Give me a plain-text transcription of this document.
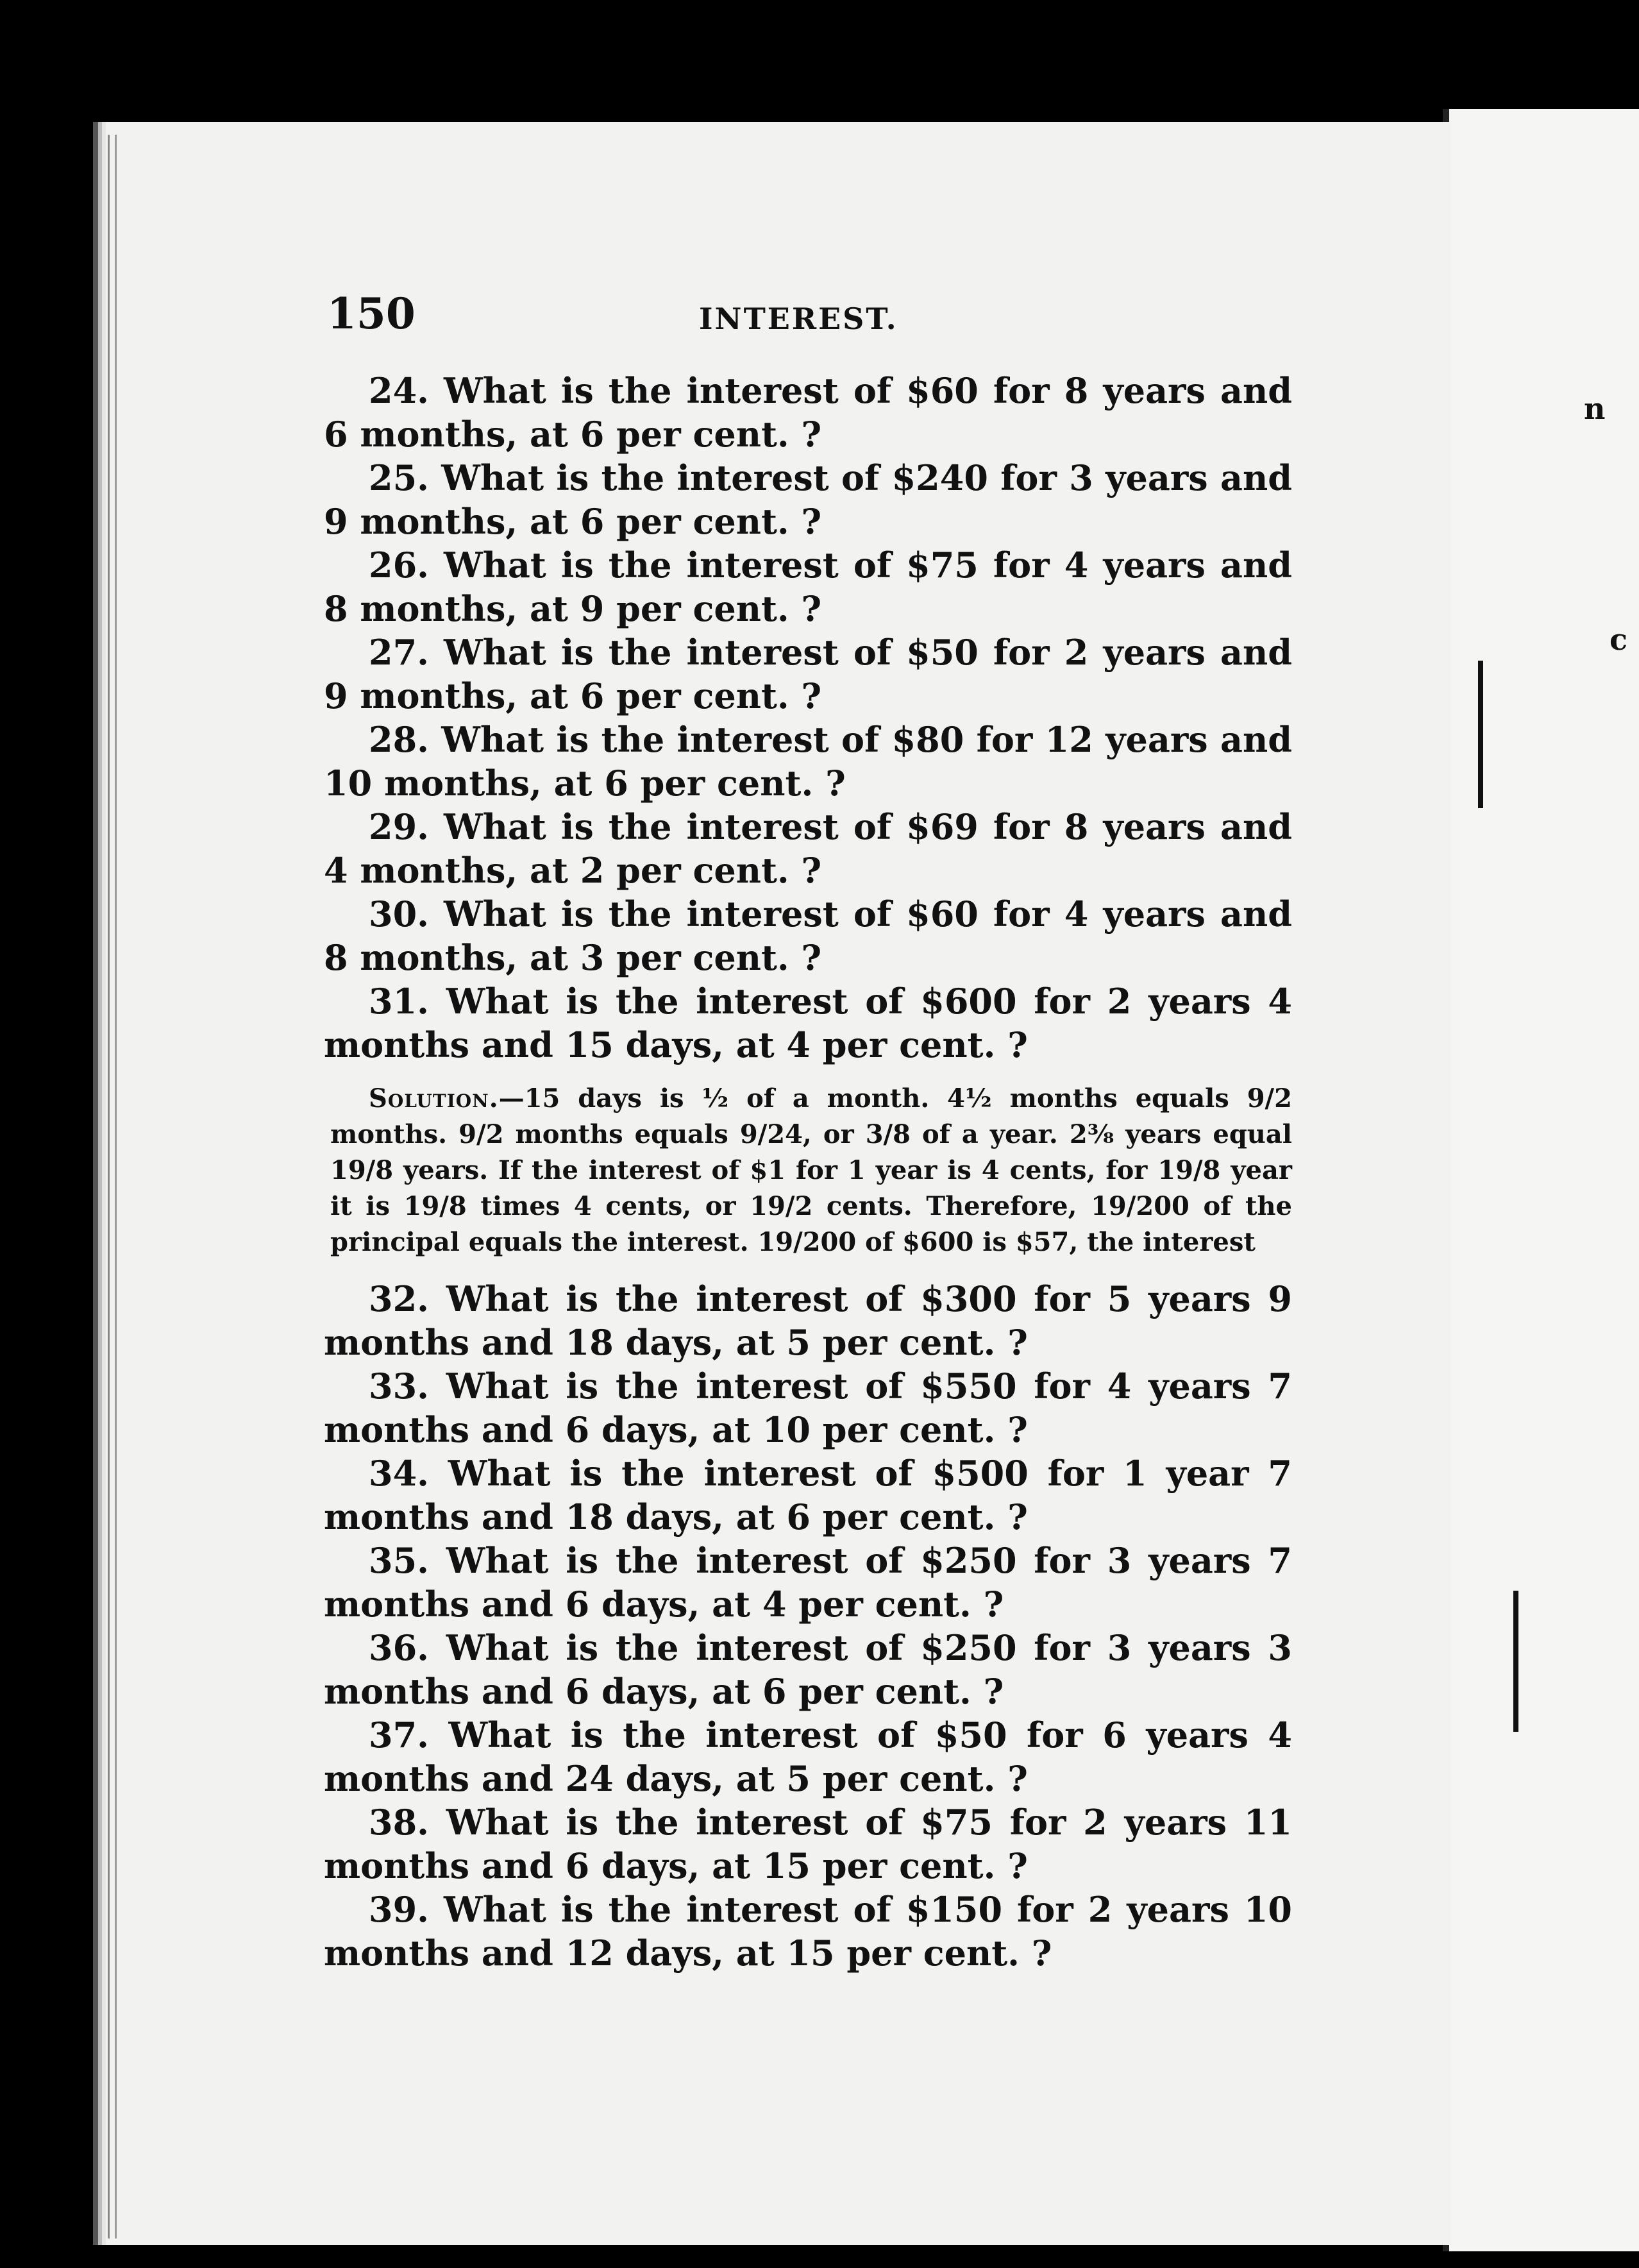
n
c
150	INTEREST.

24. What is the interest of $60 for 8 years and 6 months, at 6 per cent. ?

25. What is the interest of $240 for 3 years and 9 months, at 6 per cent. ?

26. What is the interest of $75 for 4 years and 8 months, at 9 per cent. ?

27. What is the interest of $50 for 2 years and 9 months, at 6 per cent. ?

28. What is the interest of $80 for 12 years and 10 months, at 6 per cent. ?

29. What is the interest of $69 for 8 years and 4 months, at 2 per cent. ?

30. What is the interest of $60 for 4 years and 8 months, at 3 per cent. ?

31. What is the interest of $600 for 2 years 4 months and 15 days, at 4 per cent. ?

Solution.—15 days is ½ of a month. 4½ months equals 9/2 months. 9/2 months equals 9/24, or 3/8 of a year. 2⅜ years equal 19/8 years. If the interest of $1 for 1 year is 4 cents, for 19/8 year it is 19/8 times 4 cents, or 19/2 cents. Therefore, 19/200 of the principal equals the interest. 19/200 of $600 is $57, the interest

32. What is the interest of $300 for 5 years 9 months and 18 days, at 5 per cent. ?

33. What is the interest of $550 for 4 years 7 months and 6 days, at 10 per cent. ?

34. What is the interest of $500 for 1 year 7 months and 18 days, at 6 per cent. ?

35. What is the interest of $250 for 3 years 7 months and 6 days, at 4 per cent. ?

36. What is the interest of $250 for 3 years 3 months and 6 days, at 6 per cent. ?

37. What is the interest of $50 for 6 years 4 months and 24 days, at 5 per cent. ?

38. What is the interest of $75 for 2 years 11 months and 6 days, at 15 per cent. ?

39. What is the interest of $150 for 2 years 10 months and 12 days, at 15 per cent. ?
